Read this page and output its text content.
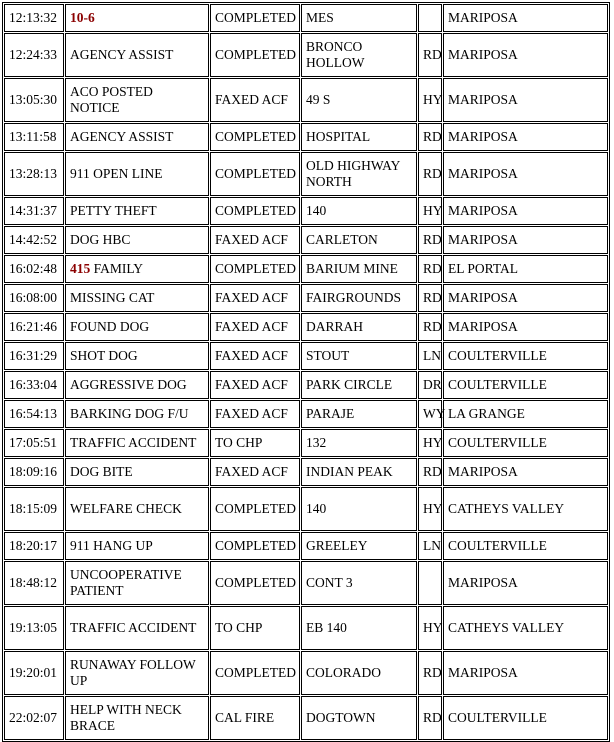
12:13:32	10-6	COMPLETED	MES		MARIPOSA
12:24:33	AGENCY ASSIST	COMPLETED	BRONCO HOLLOW	RD	MARIPOSA
13:05:30	ACO POSTED NOTICE	FAXED ACF	49 S	HY	MARIPOSA
13:11:58	AGENCY ASSIST	COMPLETED	HOSPITAL	RD	MARIPOSA
13:28:13	911 OPEN LINE	COMPLETED	OLD HIGHWAY NORTH	RD	MARIPOSA
14:31:37	PETTY THEFT	COMPLETED	140	HY	MARIPOSA
14:42:52	DOG HBC	FAXED ACF	CARLETON	RD	MARIPOSA
16:02:48	415 FAMILY	COMPLETED	BARIUM MINE	RD	EL PORTAL
16:08:00	MISSING CAT	FAXED ACF	FAIRGROUNDS	RD	MARIPOSA
16:21:46	FOUND DOG	FAXED ACF	DARRAH	RD	MARIPOSA
16:31:29	SHOT DOG	FAXED ACF	STOUT	LN	COULTERVILLE
16:33:04	AGGRESSIVE DOG	FAXED ACF	PARK CIRCLE	DR	COULTERVILLE
16:54:13	BARKING DOG F/U	FAXED ACF	PARAJE	WY	LA GRANGE
17:05:51	TRAFFIC ACCIDENT	TO CHP	132	HY	COULTERVILLE
18:09:16	DOG BITE	FAXED ACF	INDIAN PEAK	RD	MARIPOSA
18:15:09	WELFARE CHECK	COMPLETED	140	HY	CATHEYS VALLEY
18:20:17	911 HANG UP	COMPLETED	GREELEY	LN	COULTERVILLE
18:48:12	UNCOOPERATIVE PATIENT	COMPLETED	CONT 3		MARIPOSA
19:13:05	TRAFFIC ACCIDENT	TO CHP	EB 140	HY	CATHEYS VALLEY
19:20:01	RUNAWAY FOLLOW UP	COMPLETED	COLORADO	RD	MARIPOSA
22:02:07	HELP WITH NECK BRACE	CAL FIRE	DOGTOWN	RD	COULTERVILLE
